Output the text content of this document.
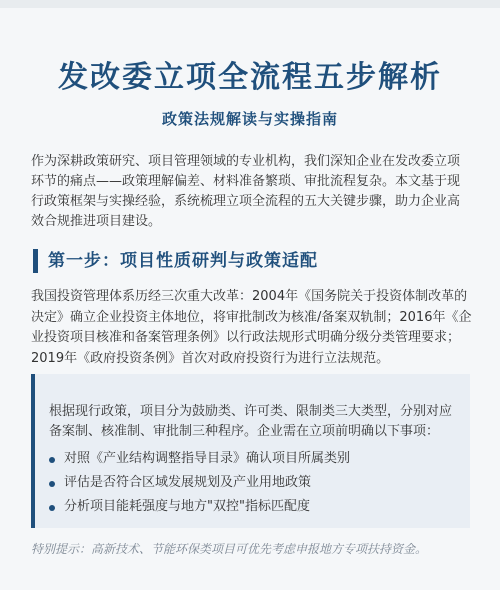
发改委立项全流程五步解析
政策法规解读与实操指南
作为深耕政策研究、项目管理领域的专业机构，我们深知企业在发改委立项环节的痛点——政策理解偏差、材料准备繁琐、审批流程复杂。本文基于现行政策框架与实操经验，系统梳理立项全流程的五大关键步骤，助力企业高效合规推进项目建设。
第一步：项目性质研判与政策适配
我国投资管理体系历经三次重大改革：2004年《国务院关于投资体制改革的决定》确立企业投资主体地位，将审批制改为核准/备案双轨制；2016年《企业投资项目核准和备案管理条例》以行政法规形式明确分级分类管理要求；2019年《政府投资条例》首次对政府投资行为进行立法规范。
根据现行政策，项目分为鼓励类、许可类、限制类三大类型，分别对应备案制、核准制、审批制三种程序。企业需在立项前明确以下事项：
对照《产业结构调整指导目录》确认项目所属类别
评估是否符合区域发展规划及产业用地政策
分析项目能耗强度与地方"双控"指标匹配度
特别提示：高新技术、节能环保类项目可优先考虑申报地方专项扶持资金。
